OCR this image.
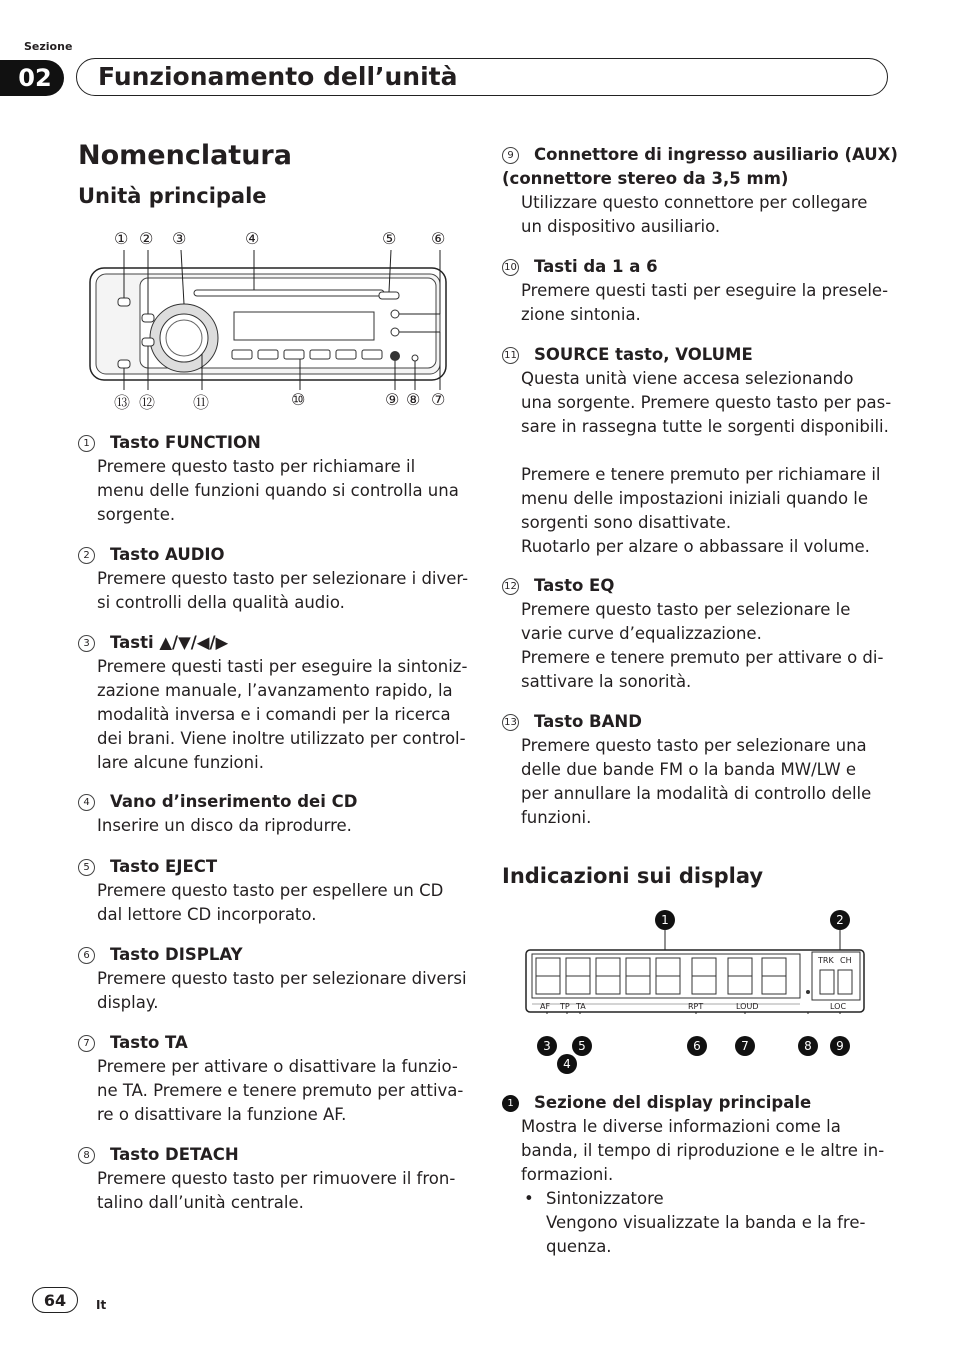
Sezione
02	Funzionamento dell’unità
Nomenclatura
Unità principale
① ② ③	④	⑤ ⑥
⑬ ⑫ ⑪	⑩	⑨ ⑧ ⑦
1	Tasto FUNCTION
Premere questo tasto per richiamare il
menu delle funzioni quando si controlla una
sorgente.
2	Tasto AUDIO
Premere questo tasto per selezionare i diver-
si controlli della qualità audio.
3	Tasti ▲/▼/◀/▶
Premere questi tasti per eseguire la sintoniz-
zazione manuale, l’avanzamento rapido, la
modalità inversa e i comandi per la ricerca
dei brani. Viene inoltre utilizzato per control-
lare alcune funzioni.
4	Vano d’inserimento dei CD
Inserire un disco da riprodurre.
5	Tasto EJECT
Premere questo tasto per espellere un CD
dal lettore CD incorporato.
6	Tasto DISPLAY
Premere questo tasto per selezionare diversi
display.
7	Tasto TA
Premere per attivare o disattivare la funzio-
ne TA. Premere e tenere premuto per attiva-
re o disattivare la funzione AF.
8	Tasto DETACH
Premere questo tasto per rimuovere il fron-
talino dall’unità centrale.
9	Connettore di ingresso ausiliario (AUX)
(connettore stereo da 3,5 mm)
Utilizzare questo connettore per collegare
un dispositivo ausiliario.
10 Tasti da 1 a 6
Premere questi tasti per eseguire la presele-
zione sintonia.
11 SOURCE tasto, VOLUME
Questa unità viene accesa selezionando
una sorgente. Premere questo tasto per pas-
sare in rassegna tutte le sorgenti disponibili.

Premere e tenere premuto per richiamare il
menu delle impostazioni iniziali quando le
sorgenti sono disattivate.
Ruotarlo per alzare o abbassare il volume.
12 Tasto EQ
Premere questo tasto per selezionare le
varie curve d’equalizzazione.
Premere e tenere premuto per attivare o di-
sattivare la sonorità.
13 Tasto BAND
Premere questo tasto per selezionare una
delle due bande FM o la banda MW/LW e
per annullare la modalità di controllo delle
funzioni.
Indicazioni sui display
TRK CH
AF TP TA	RPT	LOUD	LOC
1	2
3
4
5	6	7	8	9
1	Sezione del display principale
Mostra le diverse informazioni come la
banda, il tempo di riproduzione e le altre in-
formazioni.
• Sintonizzatore
Vengono visualizzate la banda e la fre-
quenza.
64	It
